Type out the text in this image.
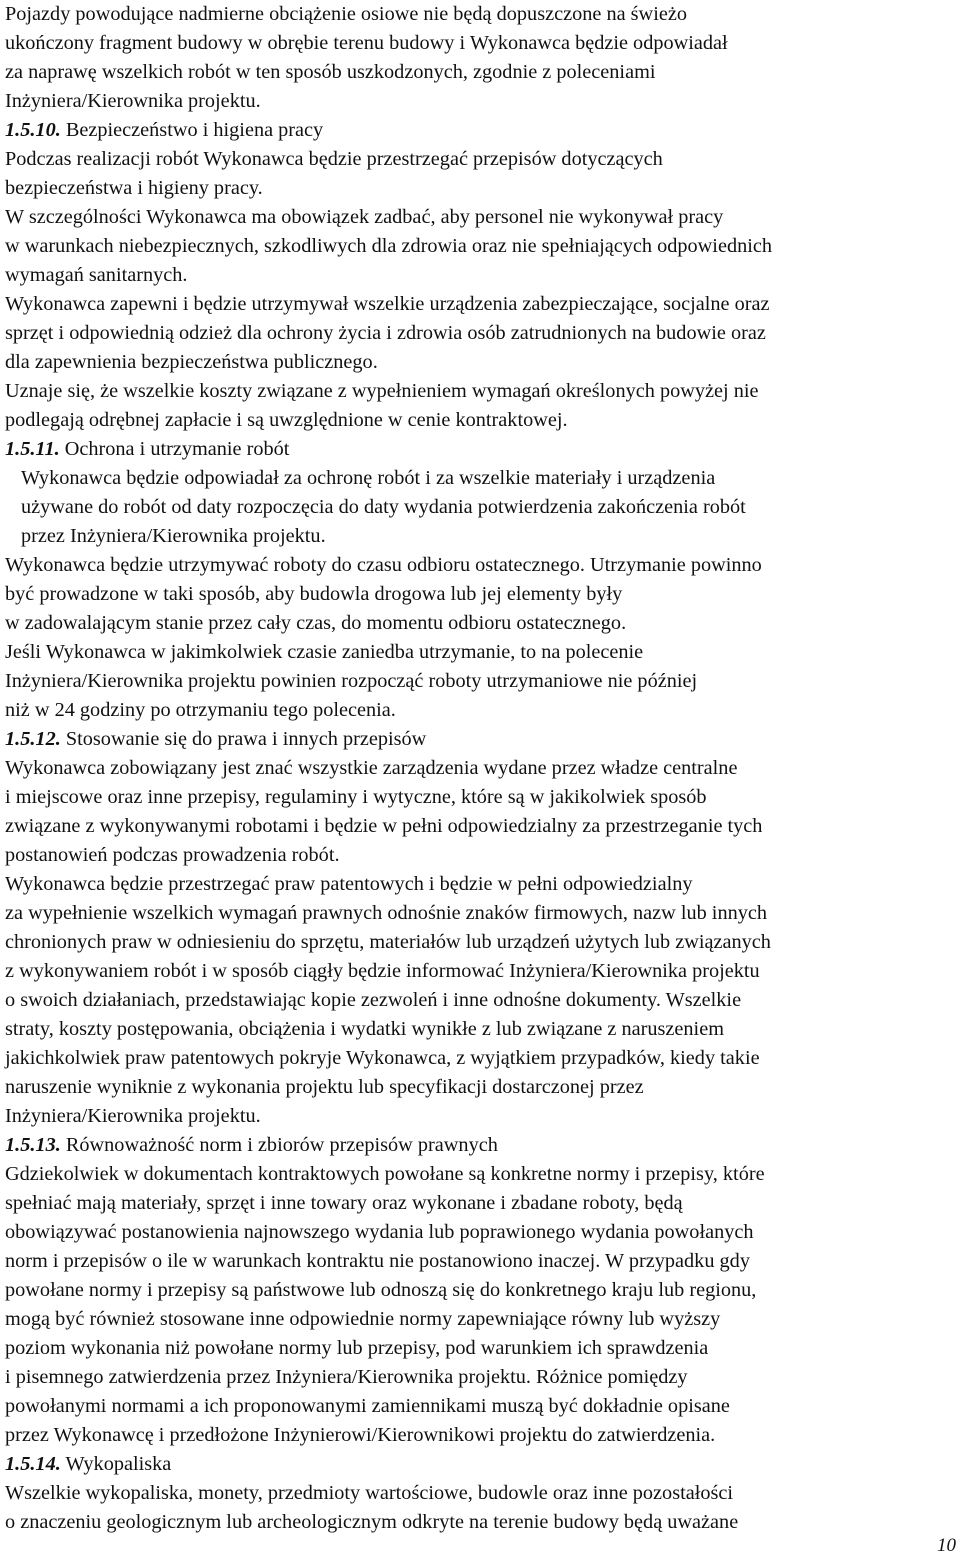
Pojazdy powodujące nadmierne obciążenie osiowe nie będą dopuszczone na świeżo
ukończony fragment budowy w obrębie terenu budowy i Wykonawca będzie odpowiadał
za naprawę wszelkich robót w ten sposób uszkodzonych, zgodnie z poleceniami
Inżyniera/Kierownika projektu.
1.5.10. Bezpieczeństwo i higiena pracy
Podczas realizacji robót Wykonawca będzie przestrzegać przepisów dotyczących
bezpieczeństwa i higieny pracy.
W szczególności Wykonawca ma obowiązek zadbać, aby personel nie wykonywał pracy
w warunkach niebezpiecznych, szkodliwych dla zdrowia oraz nie spełniających odpowiednich
wymagań sanitarnych.
Wykonawca zapewni i będzie utrzymywał wszelkie urządzenia zabezpieczające, socjalne oraz
sprzęt i odpowiednią odzież dla ochrony życia i zdrowia osób zatrudnionych na budowie oraz
dla zapewnienia bezpieczeństwa publicznego.
Uznaje się, że wszelkie koszty związane z wypełnieniem wymagań określonych powyżej nie
podlegają odrębnej zapłacie i są uwzględnione w cenie kontraktowej.
1.5.11. Ochrona i utrzymanie robót
Wykonawca będzie odpowiadał za ochronę robót i za wszelkie materiały i urządzenia
używane do robót od daty rozpoczęcia do daty wydania potwierdzenia zakończenia robót
przez Inżyniera/Kierownika projektu.
Wykonawca będzie utrzymywać roboty do czasu odbioru ostatecznego. Utrzymanie powinno
być prowadzone w taki sposób, aby budowla drogowa lub jej elementy były
w zadowalającym stanie przez cały czas, do momentu odbioru ostatecznego.
Jeśli Wykonawca w jakimkolwiek czasie zaniedba utrzymanie, to na polecenie
Inżyniera/Kierownika projektu powinien rozpocząć roboty utrzymaniowe nie później
niż w 24 godziny po otrzymaniu tego polecenia.
1.5.12. Stosowanie się do prawa i innych przepisów
Wykonawca zobowiązany jest znać wszystkie zarządzenia wydane przez władze centralne
i miejscowe oraz inne przepisy, regulaminy i wytyczne, które są w jakikolwiek sposób
związane z wykonywanymi robotami i będzie w pełni odpowiedzialny za przestrzeganie tych
postanowień podczas prowadzenia robót.
Wykonawca będzie przestrzegać praw patentowych i będzie w pełni odpowiedzialny
za wypełnienie wszelkich wymagań prawnych odnośnie znaków firmowych, nazw lub innych
chronionych praw w odniesieniu do sprzętu, materiałów lub urządzeń użytych lub związanych
z wykonywaniem robót i w sposób ciągły będzie informować Inżyniera/Kierownika projektu
o swoich działaniach, przedstawiając kopie zezwoleń i inne odnośne dokumenty. Wszelkie
straty, koszty postępowania, obciążenia i wydatki wynikłe z lub związane z naruszeniem
jakichkolwiek praw patentowych pokryje Wykonawca, z wyjątkiem przypadków, kiedy takie
naruszenie wyniknie z wykonania projektu lub specyfikacji dostarczonej przez
Inżyniera/Kierownika projektu.
1.5.13. Równoważność norm i zbiorów przepisów prawnych
Gdziekolwiek w dokumentach kontraktowych powołane są konkretne normy i przepisy, które
spełniać mają materiały, sprzęt i inne towary oraz wykonane i zbadane roboty, będą
obowiązywać postanowienia najnowszego wydania lub poprawionego wydania powołanych
norm i przepisów o ile w warunkach kontraktu nie postanowiono inaczej. W przypadku gdy
powołane normy i przepisy są państwowe lub odnoszą się do konkretnego kraju lub regionu,
mogą być również stosowane inne odpowiednie normy zapewniające równy lub wyższy
poziom wykonania niż powołane normy lub przepisy, pod warunkiem ich sprawdzenia
i pisemnego zatwierdzenia przez Inżyniera/Kierownika projektu. Różnice pomiędzy
powołanymi normami a ich proponowanymi zamiennikami muszą być dokładnie opisane
przez Wykonawcę i przedłożone Inżynierowi/Kierownikowi projektu do zatwierdzenia.
1.5.14. Wykopaliska
Wszelkie wykopaliska, monety, przedmioty wartościowe, budowle oraz inne pozostałości
o znaczeniu geologicznym lub archeologicznym odkryte na terenie budowy będą uważane
10
